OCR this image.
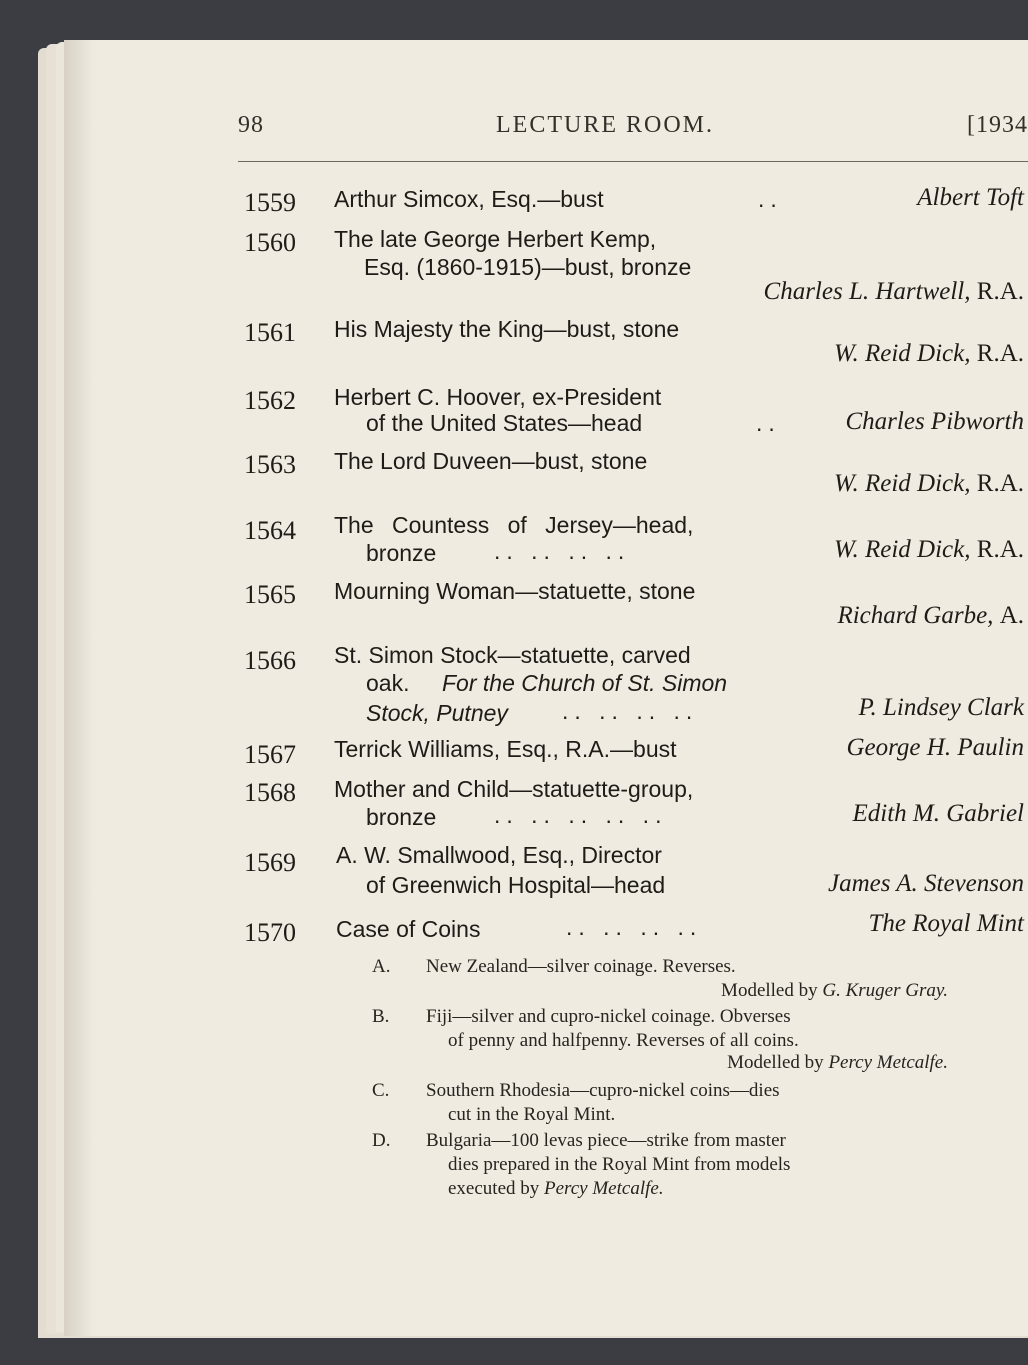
98	LECTURE ROOM.	[1934
1559 Arthur Simcox, Esq.—bust	..	Albert Toft
1560 The late George Herbert Kemp,
Esq. (1860-1915)—bust, bronze
Charles L. Hartwell, R.A.
1561 His Majesty the King—bust, stone
W. Reid Dick, R.A.
1562 Herbert C. Hoover, ex-President
of the United States—head	..	Charles Pibworth
1563 The Lord Duveen—bust, stone
W. Reid Dick, R.A.
1564 The Countess of Jersey—head,
bronze	.. .. .. ..	W. Reid Dick, R.A.
1565 Mourning Woman—statuette, stone
Richard Garbe, A.
1566 St. Simon Stock—statuette, carved
oak. For the Church of St. Simon
Stock, Putney .. .. .. ..	P. Lindsey Clark
1567 Terrick Williams, Esq., R.A.—bust	George H. Paulin
1568 Mother and Child—statuette-group,
bronze	.. .. .. .. ..	Edith M. Gabriel
1569 A. W. Smallwood, Esq., Director
of Greenwich Hospital—head	James A. Stevenson
1570 Case of Coins	.. .. .. ..	The Royal Mint
A. New Zealand—silver coinage. Reverses.
Modelled by G. Kruger Gray.
B. Fiji—silver and cupro-nickel coinage. Obverses
of penny and halfpenny. Reverses of all coins.
Modelled by Percy Metcalfe.
C. Southern Rhodesia—cupro-nickel coins—dies
cut in the Royal Mint.
D. Bulgaria—100 levas piece—strike from master
dies prepared in the Royal Mint from models
executed by Percy Metcalfe.
